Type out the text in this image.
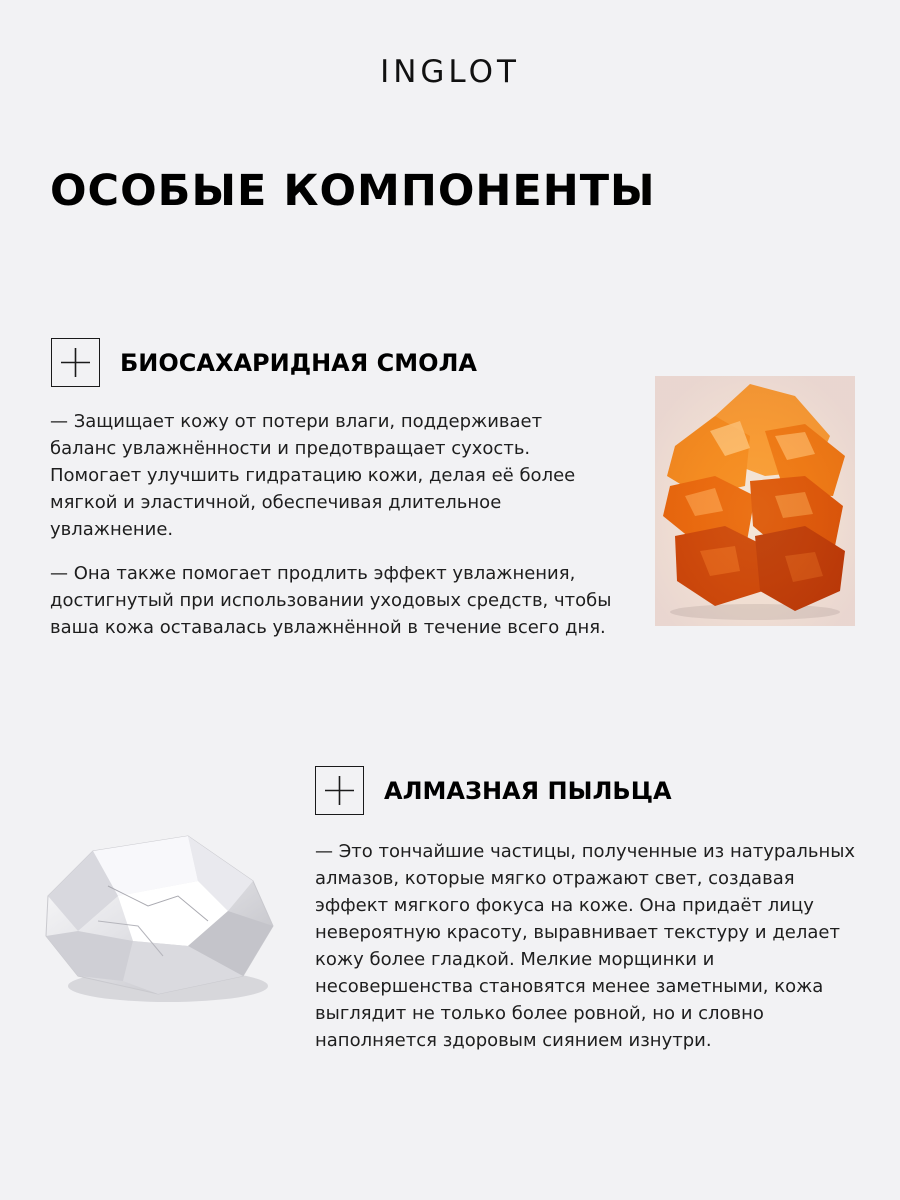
INGLOT
ОСОБЫЕ КОМПОНЕНТЫ
БИОСАХАРИДНАЯ СМОЛА

— Защищает кожу от потери влаги, поддерживает баланс увлажнённости и предотвращает сухость. Помогает улучшить гидратацию кожи, делая её более мягкой и эластичной, обеспечивая длительное увлажнение.

— Она также помогает продлить эффект увлажнения, достигнутый при использовании уходовых средств, чтобы ваша кожа оставалась увлажнённой в течение всего дня.

АЛМАЗНАЯ ПЫЛЬЦА

— Это тончайшие частицы, полученные из натуральных алмазов, которые мягко отражают свет, создавая эффект мягкого фокуса на коже. Она придаёт лицу невероятную красоту, выравнивает текстуру и делает кожу более гладкой. Мелкие морщинки и несовершенства становятся менее заметными, кожа выглядит не только более ровной, но и словно наполняется здоровым сиянием изнутри.
